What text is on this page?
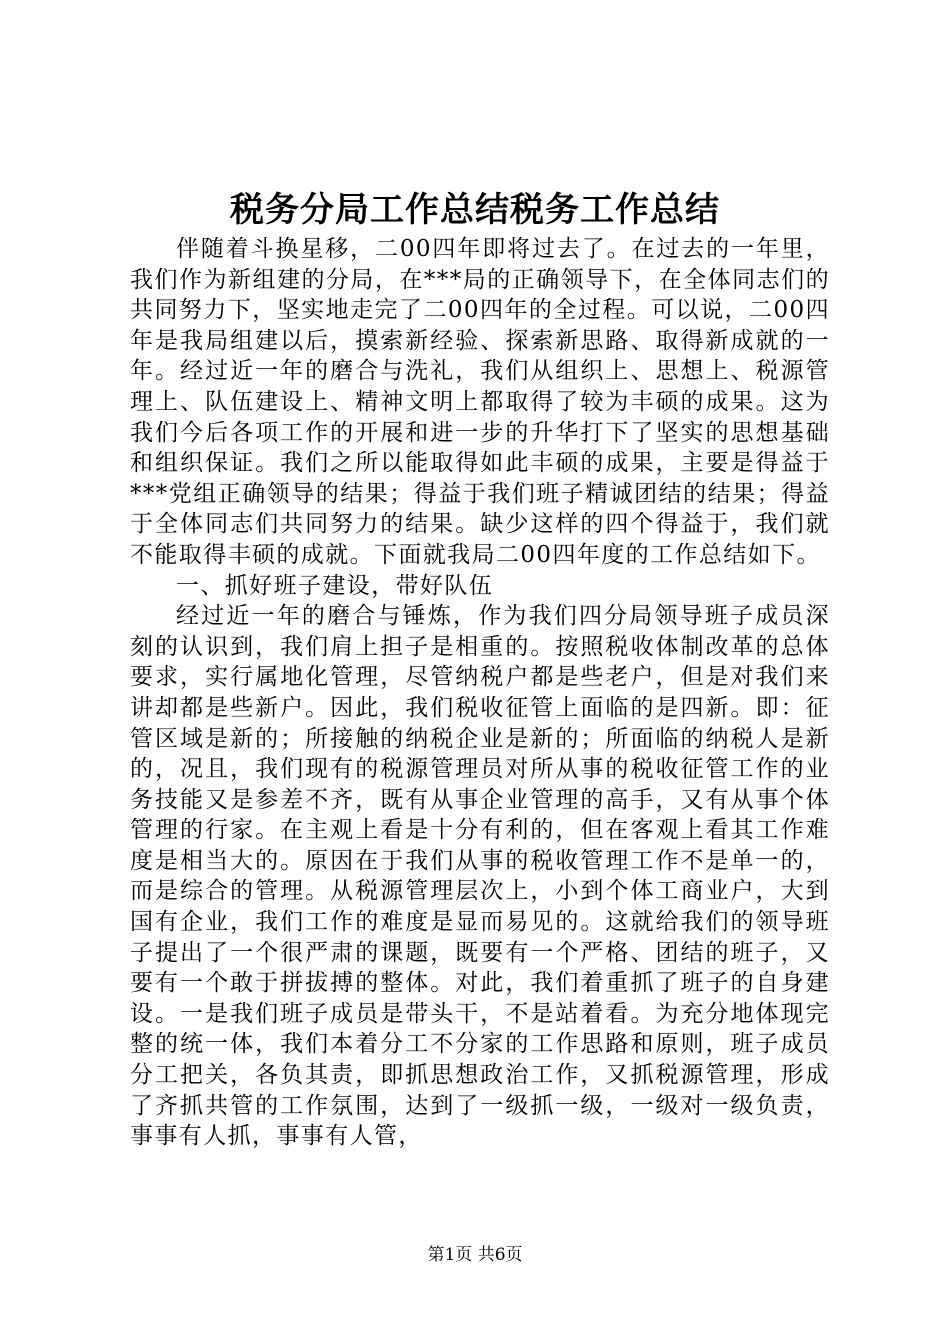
税务分局工作总结税务工作总结

伴随着斗换星移，二00四年即将过去了。在过去的一年里，我们作为新组建的分局，在***局的正确领导下，在全体同志们的共同努力下，坚实地走完了二00四年的全过程。可以说，二00四年是我局组建以后，摸索新经验、探索新思路、取得新成就的一年。经过近一年的磨合与洗礼，我们从组织上、思想上、税源管理上、队伍建设上、精神文明上都取得了较为丰硕的成果。这为我们今后各项工作的开展和进一步的升华打下了坚实的思想基础和组织保证。我们之所以能取得如此丰硕的成果，主要是得益于***党组正确领导的结果；得益于我们班子精诚团结的结果；得益于全体同志们共同努力的结果。缺少这样的四个得益于，我们就不能取得丰硕的成就。下面就我局二00四年度的工作总结如下。

一、抓好班子建设，带好队伍

经过近一年的磨合与锤炼，作为我们四分局领导班子成员深刻的认识到，我们肩上担子是相重的。按照税收体制改革的总体要求，实行属地化管理，尽管纳税户都是些老户，但是对我们来讲却都是些新户。因此，我们税收征管上面临的是四新。即：征管区域是新的；所接触的纳税企业是新的；所面临的纳税人是新的，况且，我们现有的税源管理员对所从事的税收征管工作的业务技能又是参差不齐，既有从事企业管理的高手，又有从事个体管理的行家。在主观上看是十分有利的，但在客观上看其工作难度是相当大的。原因在于我们从事的税收管理工作不是单一的，而是综合的管理。从税源管理层次上，小到个体工商业户，大到国有企业，我们工作的难度是显而易见的。这就给我们的领导班子提出了一个很严肃的课题，既要有一个严格、团结的班子，又要有一个敢于拼拔搏的整体。对此，我们着重抓了班子的自身建设。一是我们班子成员是带头干，不是站着看。为充分地体现完整的统一体，我们本着分工不分家的工作思路和原则，班子成员分工把关，各负其责，即抓思想政治工作，又抓税源管理，形成了齐抓共管的工作氛围，达到了一级抓一级，一级对一级负责，事事有人抓，事事有人管，

第1页 共6页
